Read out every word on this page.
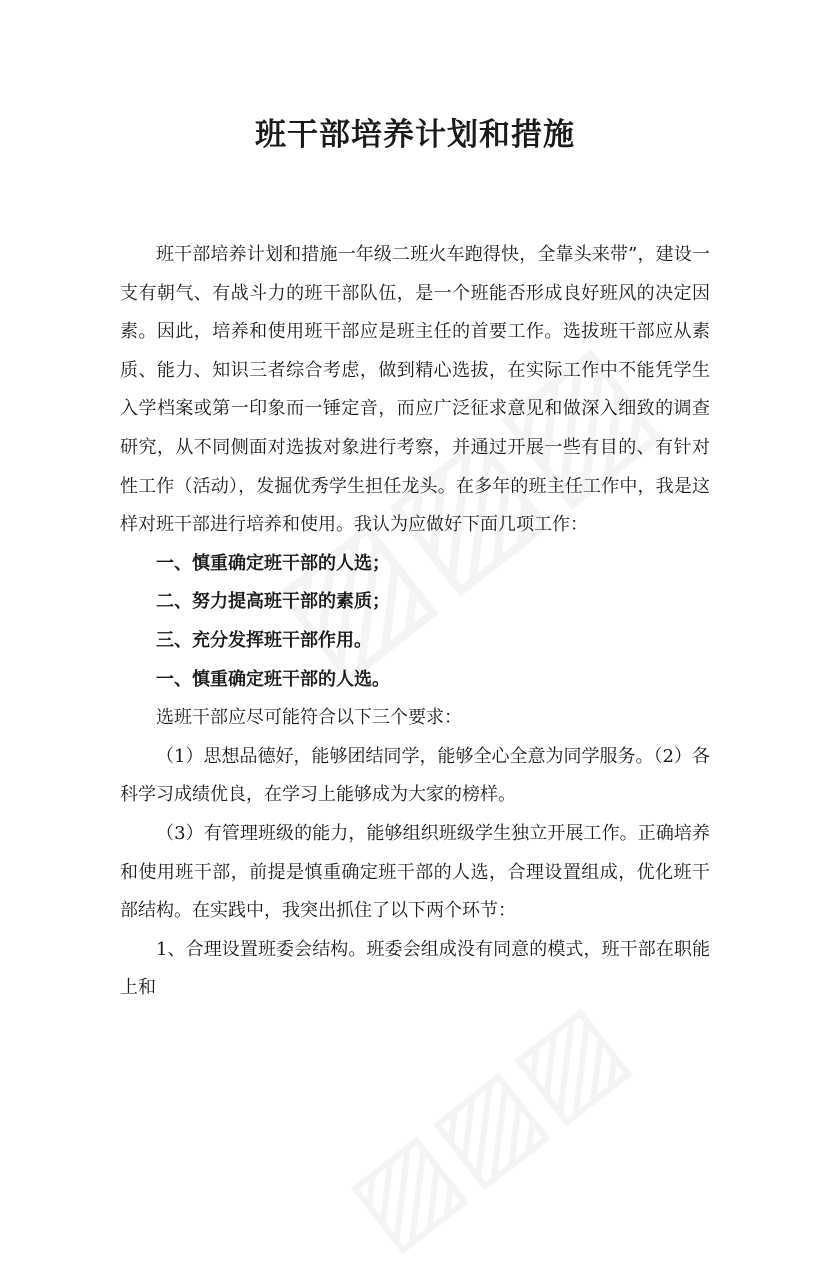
班干部培养计划和措施

班干部培养计划和措施一年级二班火车跑得快，全靠头来带”，建设一支有朝气、有战斗力的班干部队伍，是一个班能否形成良好班风的决定因素。因此，培养和使用班干部应是班主任的首要工作。选拔班干部应从素质、能力、知识三者综合考虑，做到精心选拔，在实际工作中不能凭学生入学档案或第一印象而一锤定音，而应广泛征求意见和做深入细致的调查研究，从不同侧面对选拔对象进行考察，并通过开展一些有目的、有针对性工作（活动），发掘优秀学生担任龙头。在多年的班主任工作中，我是这样对班干部进行培养和使用。我认为应做好下面几项工作：

一、慎重确定班干部的人选；

二、努力提高班干部的素质；

三、充分发挥班干部作用。

一、慎重确定班干部的人选。

选班干部应尽可能符合以下三个要求：

（1）思想品德好，能够团结同学，能够全心全意为同学服务。（2）各科学习成绩优良，在学习上能够成为大家的榜样。

（3）有管理班级的能力，能够组织班级学生独立开展工作。正确培养和使用班干部，前提是慎重确定班干部的人选，合理设置组成，优化班干部结构。在实践中，我突出抓住了以下两个环节：

1、合理设置班委会结构。班委会组成没有同意的模式，班干部在职能上和
